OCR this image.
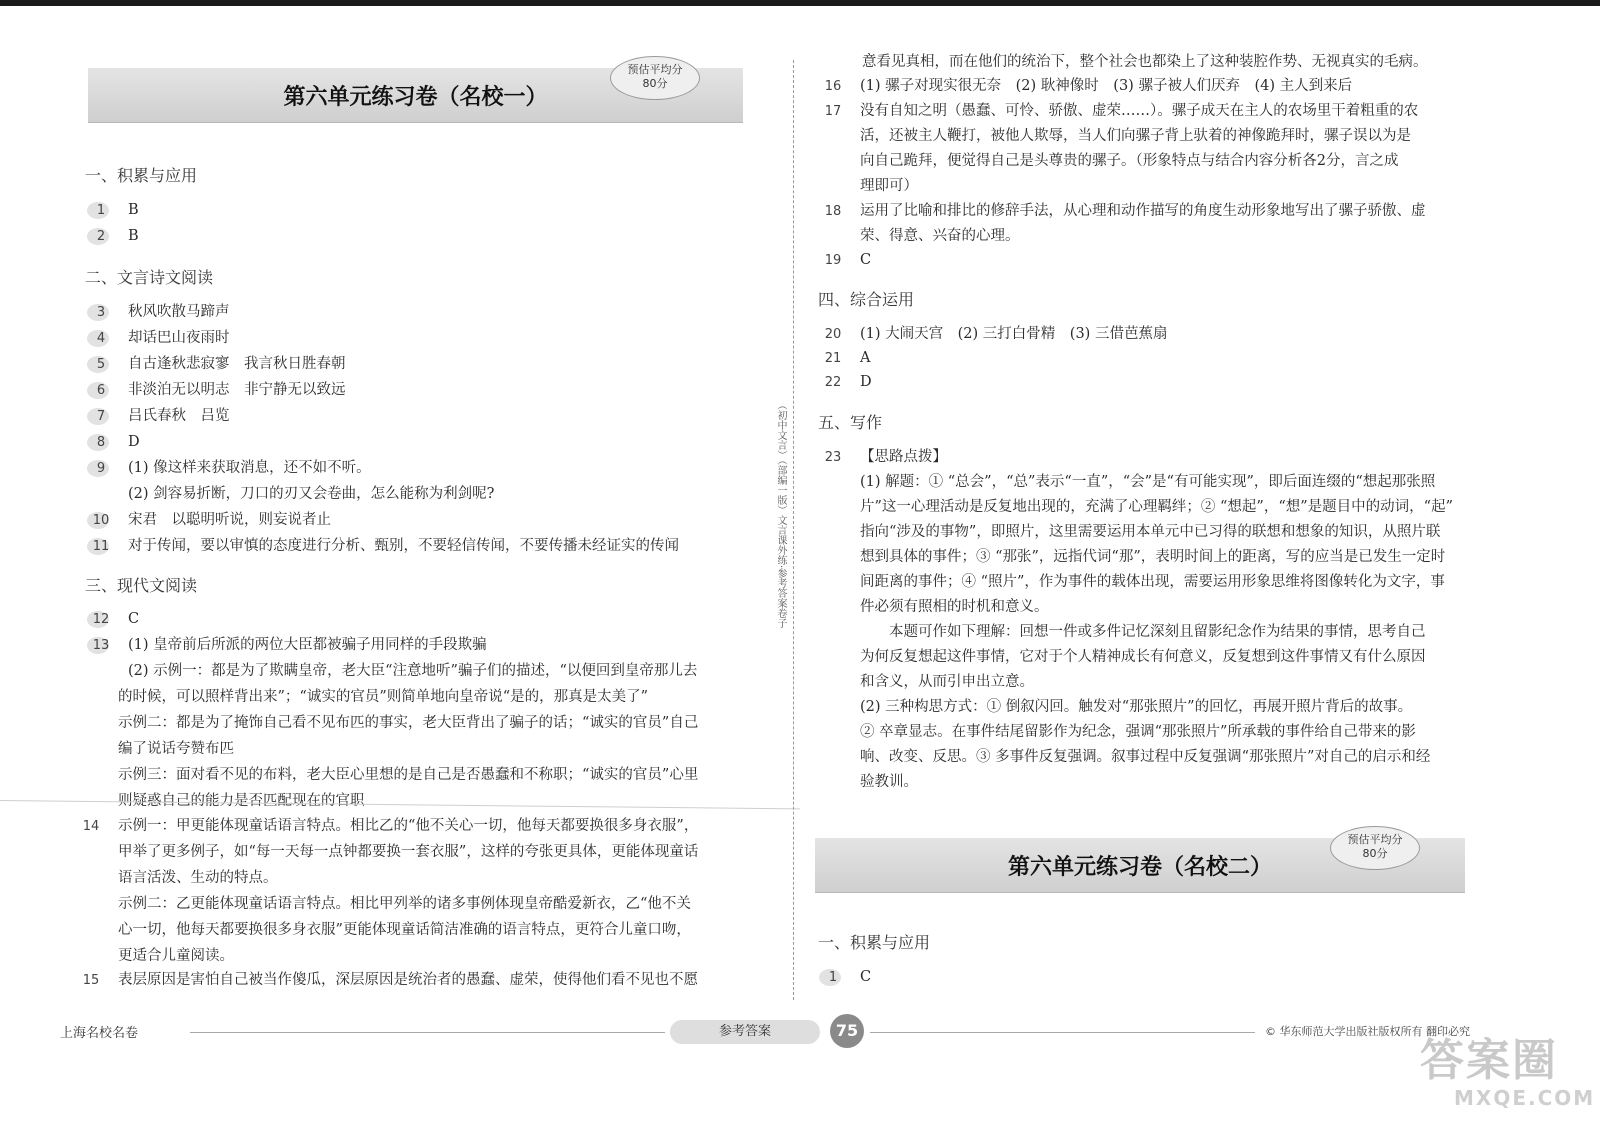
第六单元练习卷（名校一）
预估平均分
80分
一、积累与应用
1	B
2	B
二、文言诗文阅读
3	秋风吹散马蹄声
4	却话巴山夜雨时
5	自古逢秋悲寂寥　我言秋日胜春朝
6	非淡泊无以明志　非宁静无以致远
7	吕氏春秋　吕览
8	D
9	(1) 像这样来获取消息，还不如不听。
(2) 剑容易折断，刀口的刃又会卷曲，怎么能称为利剑呢?
10 宋君　以聪明听说，则妄说者止
11 对于传闻，要以审慎的态度进行分析、甄别，不要轻信传闻，不要传播未经证实的传闻
三、现代文阅读
12 C
13 (1) 皇帝前后所派的两位大臣都被骗子用同样的手段欺骗
(2) 示例一：都是为了欺瞒皇帝，老大臣“注意地听”骗子们的描述，“以便回到皇帝那儿去
的时候，可以照样背出来”；“诚实的官员”则简单地向皇帝说“是的，那真是太美了”
示例二：都是为了掩饰自己看不见布匹的事实，老大臣背出了骗子的话；“诚实的官员”自己
编了说话夸赞布匹
示例三：面对看不见的布料，老大臣心里想的是自己是否愚蠢和不称职；“诚实的官员”心里
则疑惑自己的能力是否匹配现在的官职
14 示例一：甲更能体现童话语言特点。相比乙的“他不关心一切，他每天都要换很多身衣服”，
甲举了更多例子，如“每一天每一点钟都要换一套衣服”，这样的夸张更具体，更能体现童话
语言活泼、生动的特点。
示例二：乙更能体现童话语言特点。相比甲列举的诸多事例体现皇帝酷爱新衣，乙“他不关
心一切，他每天都要换很多身衣服”更能体现童话简洁准确的语言特点，更符合儿童口吻，
更适合儿童阅读。
15 表层原因是害怕自己被当作傻瓜，深层原因是统治者的愚蠢、虚荣，使得他们看不见也不愿
（初中文言）（部编一版）文言课外练·参考答案卷子
意看见真相，而在他们的统治下，整个社会也都染上了这种装腔作势、无视真实的毛病。
16 (1) 骡子对现实很无奈　(2) 耿神像时　(3) 骡子被人们厌弃　(4) 主人到来后
17 没有自知之明（愚蠢、可怜、骄傲、虚荣……）。骡子成天在主人的农场里干着粗重的农
活，还被主人鞭打，被他人欺辱，当人们向骡子背上驮着的神像跪拜时，骡子误以为是
向自己跪拜，便觉得自己是头尊贵的骡子。（形象特点与结合内容分析各2分，言之成
理即可）
18 运用了比喻和排比的修辞手法，从心理和动作描写的角度生动形象地写出了骡子骄傲、虚
荣、得意、兴奋的心理。
19 C
四、综合运用
20 (1) 大闹天宫　(2) 三打白骨精　(3) 三借芭蕉扇
21 A
22 D
五、写作
23 【思路点拨】
(1) 解题：① “总会”，“总”表示“一直”，“会”是“有可能实现”，即后面连缀的“想起那张照
片”这一心理活动是反复地出现的，充满了心理羁绊；② “想起”，“想”是题目中的动词，“起”
指向“涉及的事物”，即照片，这里需要运用本单元中已习得的联想和想象的知识，从照片联
想到具体的事件；③ “那张”，远指代词“那”，表明时间上的距离，写的应当是已发生一定时
间距离的事件；④ “照片”，作为事件的载体出现，需要运用形象思维将图像转化为文字，事
件必须有照相的时机和意义。
　　本题可作如下理解：回想一件或多件记忆深刻且留影纪念作为结果的事情，思考自己
为何反复想起这件事情，它对于个人精神成长有何意义，反复想到这件事情又有什么原因
和含义，从而引申出立意。
(2) 三种构思方式：① 倒叙闪回。触发对“那张照片”的回忆，再展开照片背后的故事。
② 卒章显志。在事件结尾留影作为纪念，强调“那张照片”所承载的事件给自己带来的影
响、改变、反思。③ 多事件反复强调。叙事过程中反复强调“那张照片”对自己的启示和经
验教训。
第六单元练习卷（名校二）
预估平均分
80分
一、积累与应用
1	C
上海名校名卷	参考答案	75	© 华东师范大学出版社版权所有 翻印必究
答案圈
MXQE.COM
